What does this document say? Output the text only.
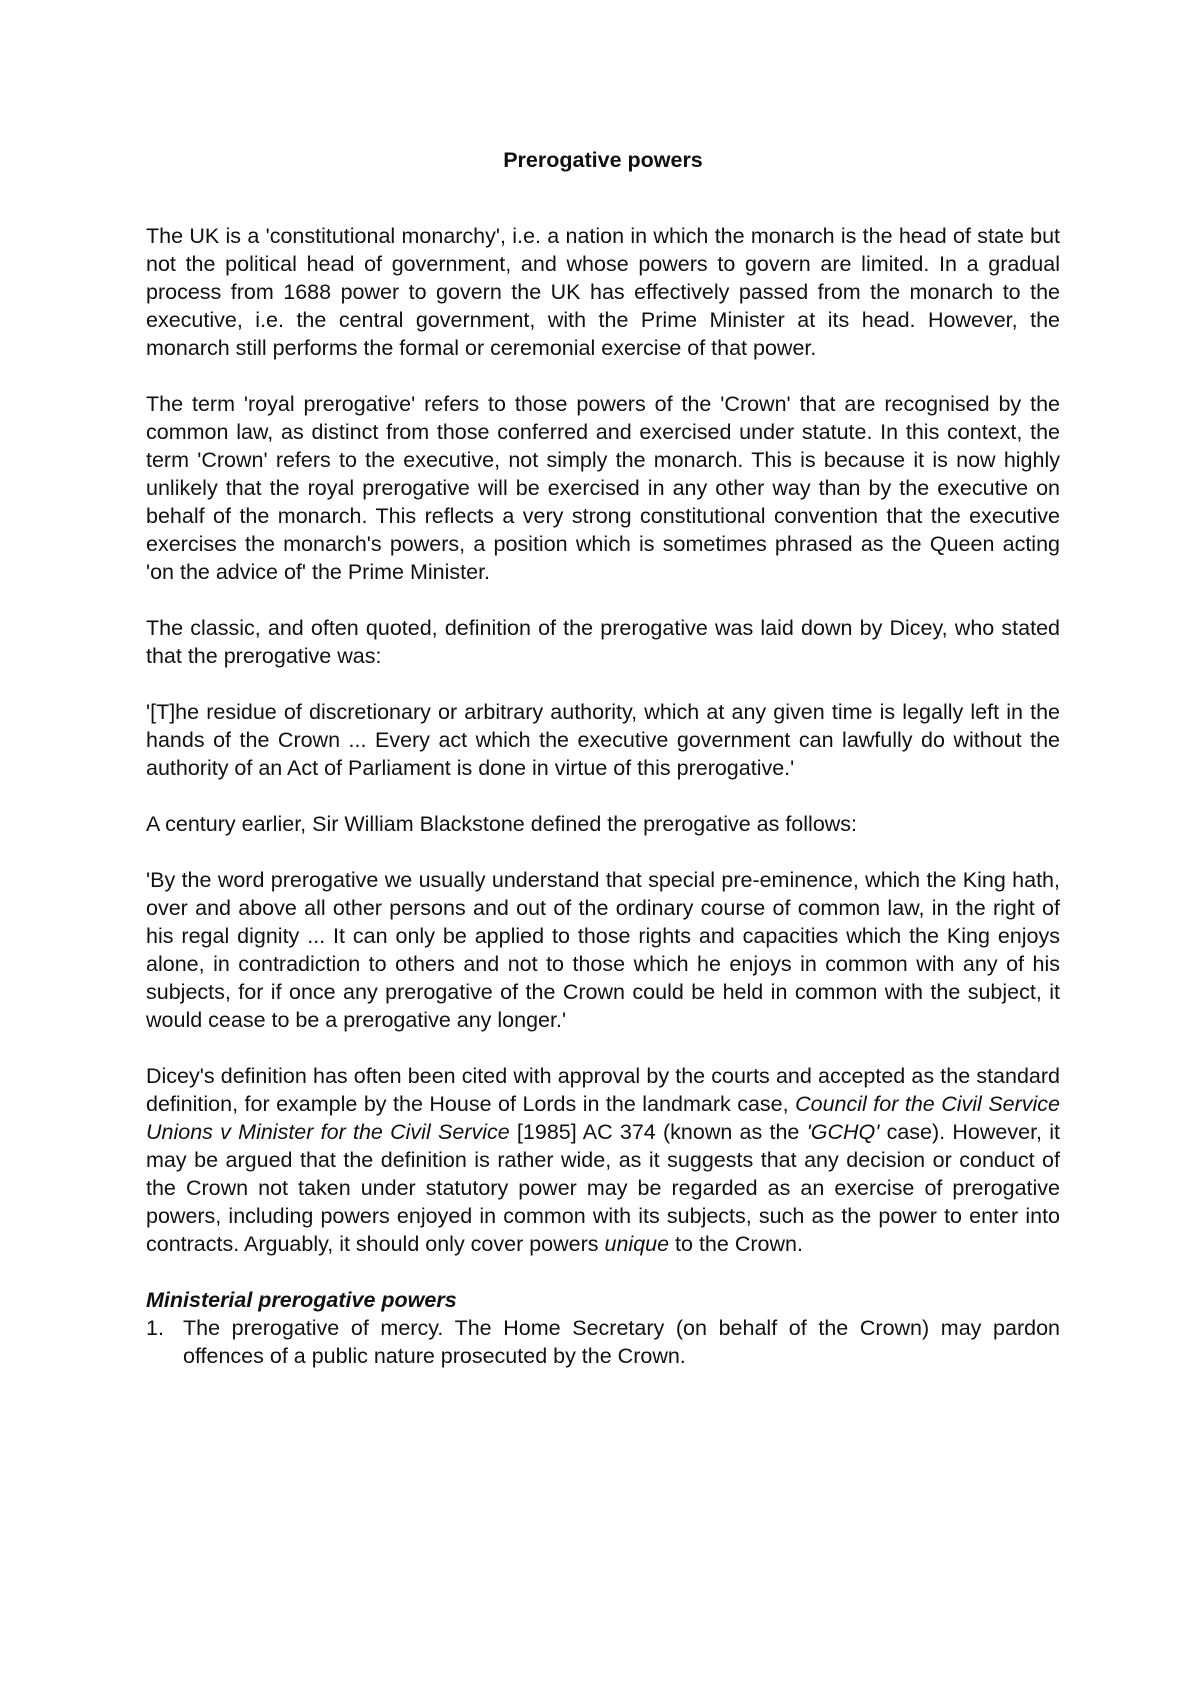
Prerogative powers

The UK is a 'constitutional monarchy', i.e. a nation in which the monarch is the head of state but not the political head of government, and whose powers to govern are limited. In a gradual process from 1688 power to govern the UK has effectively passed from the monarch to the executive, i.e. the central government, with the Prime Minister at its head. However, the monarch still performs the formal or ceremonial exercise of that power.

The term 'royal prerogative' refers to those powers of the 'Crown' that are recognised by the common law, as distinct from those conferred and exercised under statute. In this context, the term 'Crown' refers to the executive, not simply the monarch. This is because it is now highly unlikely that the royal prerogative will be exercised in any other way than by the executive on behalf of the monarch. This reflects a very strong constitutional convention that the executive exercises the monarch's powers, a position which is sometimes phrased as the Queen acting 'on the advice of' the Prime Minister.

The classic, and often quoted, definition of the prerogative was laid down by Dicey, who stated that the prerogative was:

'[T]he residue of discretionary or arbitrary authority, which at any given time is legally left in the hands of the Crown ... Every act which the executive government can lawfully do without the authority of an Act of Parliament is done in virtue of this prerogative.'

A century earlier, Sir William Blackstone defined the prerogative as follows:

'By the word prerogative we usually understand that special pre-eminence, which the King hath, over and above all other persons and out of the ordinary course of common law, in the right of his regal dignity ... It can only be applied to those rights and capacities which the King enjoys alone, in contradiction to others and not to those which he enjoys in common with any of his subjects, for if once any prerogative of the Crown could be held in common with the subject, it would cease to be a prerogative any longer.'

Dicey's definition has often been cited with approval by the courts and accepted as the standard definition, for example by the House of Lords in the landmark case, Council for the Civil Service Unions v Minister for the Civil Service [1985] AC 374 (known as the 'GCHQ' case). However, it may be argued that the definition is rather wide, as it suggests that any decision or conduct of the Crown not taken under statutory power may be regarded as an exercise of prerogative powers, including powers enjoyed in common with its subjects, such as the power to enter into contracts. Arguably, it should only cover powers unique to the Crown.

Ministerial prerogative powers
1. The prerogative of mercy. The Home Secretary (on behalf of the Crown) may pardon offences of a public nature prosecuted by the Crown.
